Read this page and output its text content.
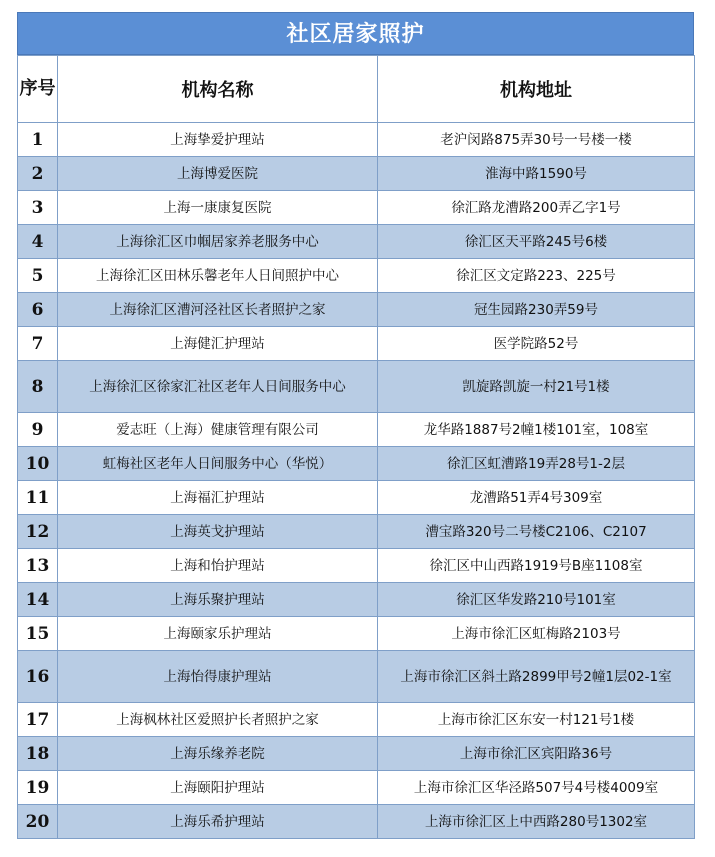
社区居家照护
序号	机构名称	机构地址
1	上海挚爱护理站	老沪闵路875弄30号一号楼一楼
2	上海博爱医院	淮海中路1590号
3	上海一康康复医院	徐汇路龙漕路200弄乙字1号
4	上海徐汇区巾帼居家养老服务中心	徐汇区天平路245号6楼
5	上海徐汇区田林乐馨老年人日间照护中心	徐汇区文定路223、225号
6	上海徐汇区漕河泾社区长者照护之家	冠生园路230弄59号
7	上海健汇护理站	医学院路52号
8	上海徐汇区徐家汇社区老年人日间服务中心	凯旋路凯旋一村21号1楼
9	爱志旺（上海）健康管理有限公司	龙华路1887号2幢1楼101室，108室
10	虹梅社区老年人日间服务中心（华悦）	徐汇区虹漕路19弄28号1-2层
11	上海福汇护理站	龙漕路51弄4号309室
12	上海英戈护理站	漕宝路320号二号楼C2106、C2107
13	上海和怡护理站	徐汇区中山西路1919号B座1108室
14	上海乐聚护理站	徐汇区华发路210号101室
15	上海颐家乐护理站	上海市徐汇区虹梅路2103号
16	上海怡得康护理站	上海市徐汇区斜土路2899甲号2幢1层02-1室
17	上海枫林社区爱照护长者照护之家	上海市徐汇区东安一村121号1楼
18	上海乐缘养老院	上海市徐汇区宾阳路36号
19	上海颐阳护理站	上海市徐汇区华泾路507号4号楼4009室
20	上海乐希护理站	上海市徐汇区上中西路280号1302室
